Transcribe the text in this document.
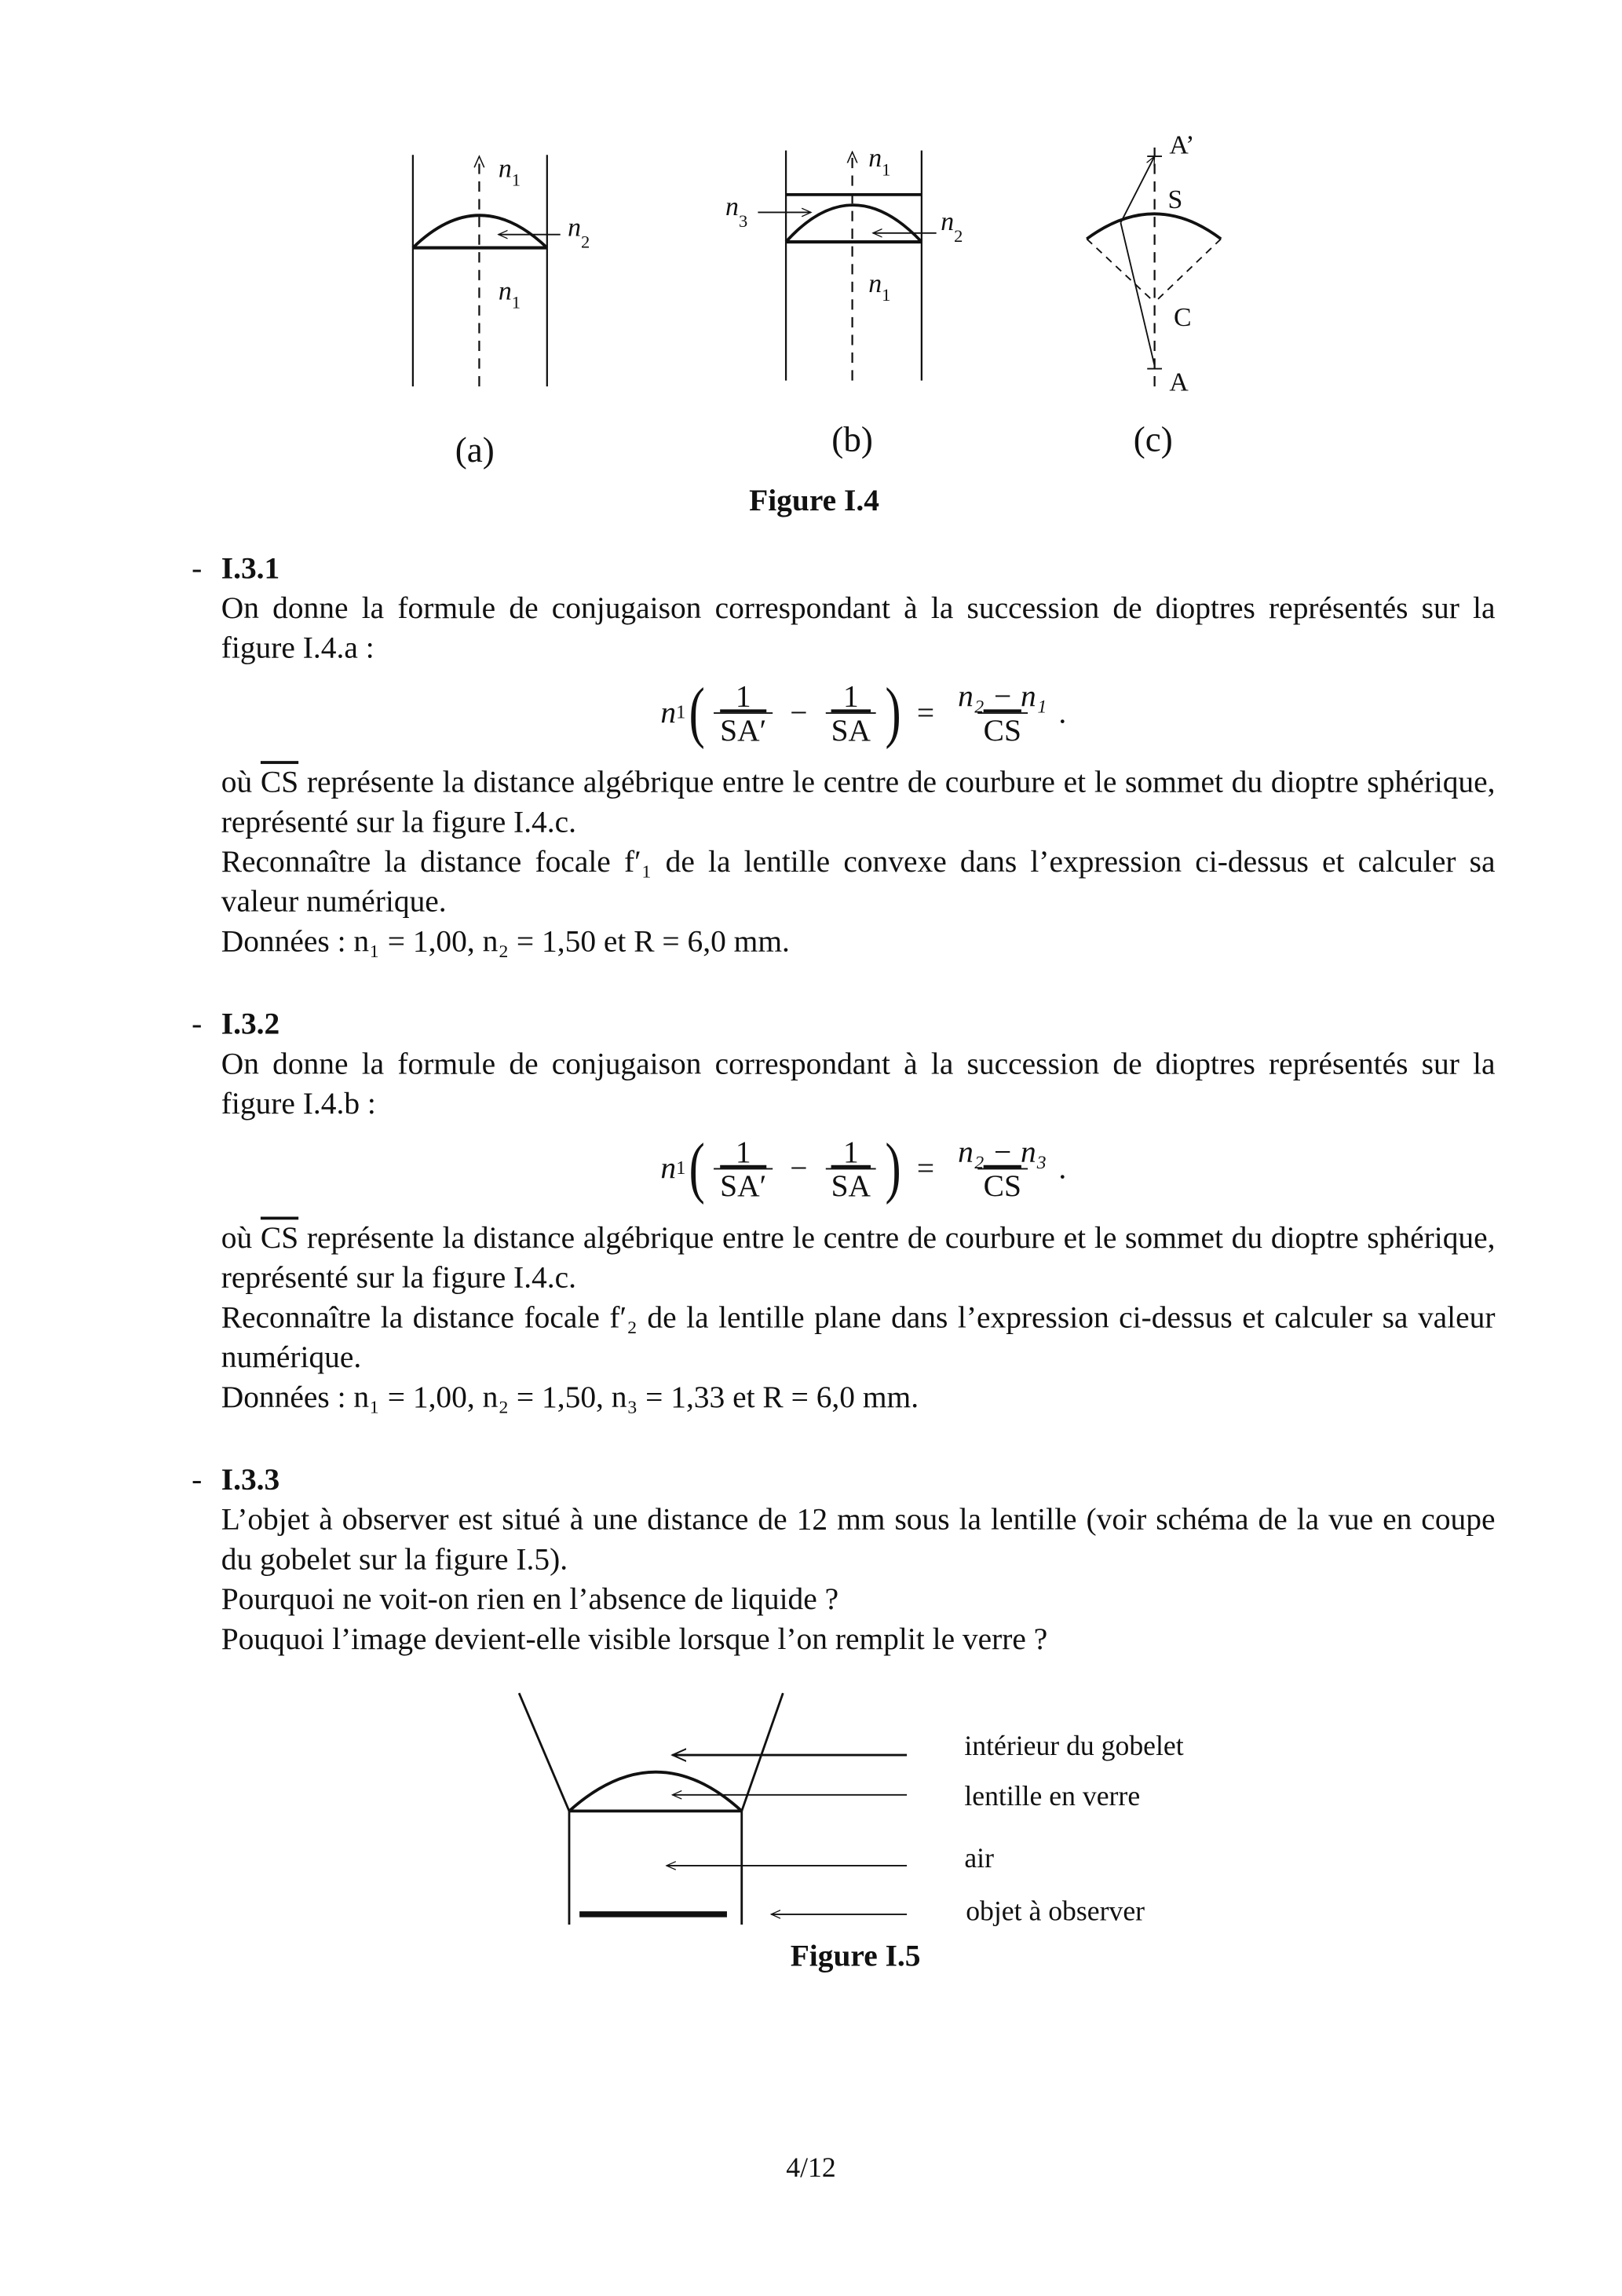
$n_1$
$n_2$
$n_1$
(a)
$n_1$
$n_3$	$n_2$
$n_1$
(b)
A’
S
C
A
(c)
Figure I.4
- I.3.1
On donne la formule de conjugaison correspondant à la succession de dioptres représentés sur la figure I.4.a :
n 1 ( $\frac{1}{SA'} - \frac{1}{SA}$ ) = $\frac{\text{n₂ − n₁}}{CS}$ .
où $\overline{CS}$ représente la distance algébrique entre le centre de courbure et le sommet du dioptre sphérique, représenté sur la figure I.4.c.
Reconnaître la distance focale f′₁ de la lentille convexe dans l’expression ci-dessus et calculer sa valeur numérique.
Données : n₁ = 1,00, n₂ = 1,50 et R = 6,0 mm.
- I.3.2
On donne la formule de conjugaison correspondant à la succession de dioptres représentés sur la figure I.4.b :
n 1 ( $\frac{1}{SA'} - \frac{1}{SA}$ ) = $\frac{\text{n₂ − n₃}}{CS}$ .
où $\overline{CS}$ représente la distance algébrique entre le centre de courbure et le sommet du dioptre sphérique, représenté sur la figure I.4.c.
Reconnaître la distance focale f′₂ de la lentille plane dans l’expression ci-dessus et calculer sa valeur numérique.
Données : n₁ = 1,00, n₂ = 1,50, n₃ = 1,33 et R = 6,0 mm.
- I.3.3
L’objet à observer est situé à une distance de 12 mm sous la lentille (voir schéma de la vue en coupe du gobelet sur la figure I.5).
Pourquoi ne voit-on rien en l’absence de liquide ?
Pouquoi l’image devient-elle visible lorsque l’on remplit le verre ?
intérieur du gobelet
lentille en verre
air
objet à observer
Figure I.5
4/12
